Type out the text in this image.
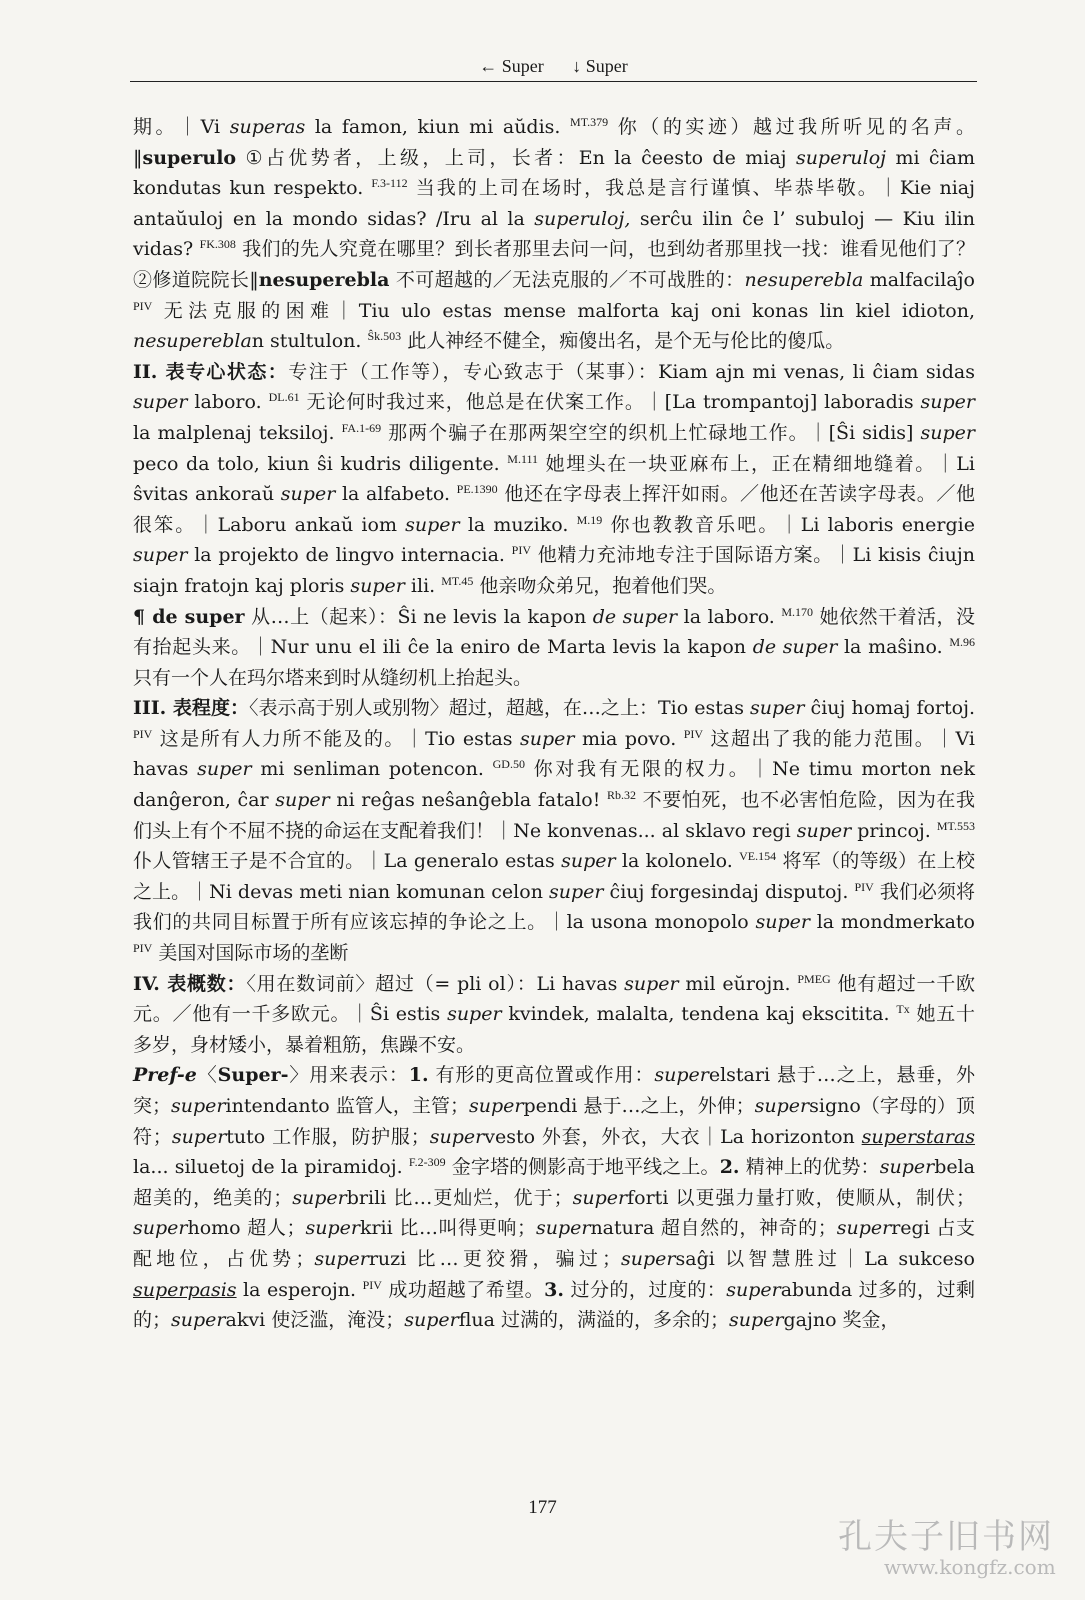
← Super ↓ Super

期。｜Vi superas la famon, kiun mi aŭdis. $^{MT.379}$ 你（的实迹）越过我所听见的名声。‖superulo ①占优势者，上级，上司，长者：En la ĉeesto de miaj superuloj mi ĉiam kondutas kun respekto. $^{F.3-112}$ 当我的上司在场时，我总是言行谨慎、毕恭毕敬。｜Kie niaj antaŭuloj en la mondo sidas? /Iru al la superuloj, serĉu ilin ĉe l’ subuloj — Kiu ilin vidas? $^{FK.308}$ 我们的先人究竟在哪里？到长者那里去问一问，也到幼者那里找一找：谁看见他们了？②修道院院长‖nesuperebla 不可超越的／无法克服的／不可战胜的：nesuperebla malfacilaĵo $^{PIV}$ 无法克服的困难｜Tiu ulo estas mense malforta kaj oni konas lin kiel idioton, nesupereblan stultulon. $^{Ŝk.503}$ 此人神经不健全，痴傻出名，是个无与伦比的傻瓜。

II. 表专心状态：专注于（工作等），专心致志于（某事）：Kiam ajn mi venas, li ĉiam sidas super laboro. $^{DL.61}$ 无论何时我过来，他总是在伏案工作。｜[La trompantoj] laboradis super la malplenaj teksiloj. $^{FA.1-69}$ 那两个骗子在那两架空空的织机上忙碌地工作。｜[Ŝi sidis] super peco da tolo, kiun ŝi kudris diligente. $^{M.111}$ 她埋头在一块亚麻布上，正在精细地缝着。｜Li ŝvitas ankoraŭ super la alfabeto. $^{PE.1390}$ 他还在字母表上挥汗如雨。／他还在苦读字母表。／他很笨。｜Laboru ankaŭ iom super la muziko. $^{M.19}$ 你也教教音乐吧。｜Li laboris energie super la projekto de lingvo internacia. $^{PIV}$ 他精力充沛地专注于国际语方案。｜Li kisis ĉiujn siajn fratojn kaj ploris super ili. $^{MT.45}$ 他亲吻众弟兄，抱着他们哭。

¶ de super 从…上（起来）：Ŝi ne levis la kapon de super la laboro. $^{M.170}$ 她依然干着活，没有抬起头来。｜Nur unu el ili ĉe la eniro de Marta levis la kapon de super la maŝino. $^{M.96}$ 只有一个人在玛尔塔来到时从缝纫机上抬起头。

III. 表程度：〈表示高于别人或别物〉超过，超越，在…之上：Tio estas super ĉiuj homaj fortoj. $^{PIV}$ 这是所有人力所不能及的。｜Tio estas super mia povo. $^{PIV}$ 这超出了我的能力范围。｜Vi havas super mi senliman potencon. $^{GD.50}$ 你对我有无限的权力。｜Ne timu morton nek danĝeron, ĉar super ni reĝas neŝanĝebla fatalo! $^{Rb.32}$ 不要怕死，也不必害怕危险，因为在我们头上有个不屈不挠的命运在支配着我们！｜Ne konvenas... al sklavo regi super princoj. $^{MT.553}$ 仆人管辖王子是不合宜的。｜La generalo estas super la kolonelo. $^{VE.154}$ 将军（的等级）在上校之上。｜Ni devas meti nian komunan celon super ĉiuj forgesindaj disputoj. $^{PIV}$ 我们必须将我们的共同目标置于所有应该忘掉的争论之上。｜la usona monopolo super la mondmerkato $^{PIV}$ 美国对国际市场的垄断

IV. 表概数：〈用在数词前〉超过（= pli ol）：Li havas super mil eŭrojn. $^{PMEG}$ 他有超过一千欧元。／他有一千多欧元。｜Ŝi estis super kvindek, malalta, tendena kaj ekscitita. $^{Tx}$ 她五十多岁，身材矮小，暴着粗筋，焦躁不安。

Pref-e〈Super-〉用来表示：1. 有形的更高位置或作用：superelstari 悬于…之上，悬垂，外突；superintendanto 监管人，主管；superpendi 悬于…之上，外伸；supersigno（字母的）顶符；supertuto 工作服，防护服；supervesto 外套，外衣，大衣｜La horizonton superstaras la... siluetoj de la piramidoj. $^{F.2-309}$ 金字塔的侧影高于地平线之上。2. 精神上的优势：superbela 超美的，绝美的；superbrili 比…更灿烂，优于；superforti 以更强力量打败，使顺从，制伏；superhomo 超人；superkrii 比…叫得更响；supernatura 超自然的，神奇的；superregi 占支配地位，占优势；superruzi 比…更狡猾，骗过；supersaĝi 以智慧胜过｜La sukceso superpasis la esperojn. $^{PIV}$ 成功超越了希望。3. 过分的，过度的：superabunda 过多的，过剩的；superakvi 使泛滥，淹没；superflua 过满的，满溢的，多余的；supergajno 奖金，

177
孔夫子旧书网
www.kongfz.com
